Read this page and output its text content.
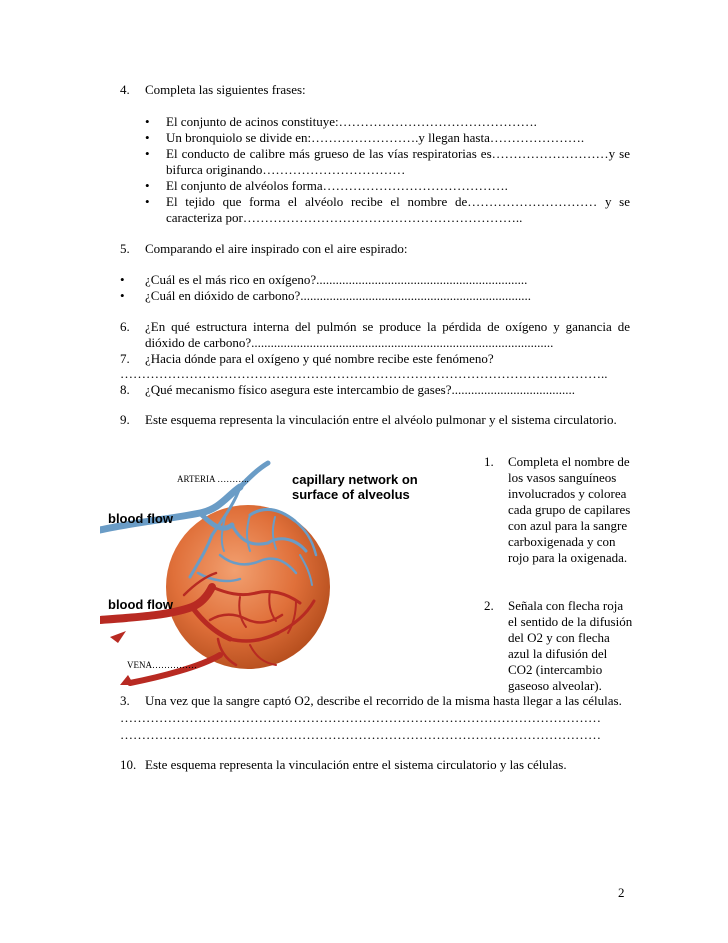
4.	Completa las siguientes frases:
• El conjunto de acinos constituye:……………………………………….
• Un bronquiolo se divide en:…………………….y llegan hasta………………….
• El conducto de calibre más grueso de las vías respiratorias es………………………y se bifurca originando……………………………
• El conjunto de alvéolos forma…………………………………….
• El tejido que forma el alvéolo recibe el nombre de………………………… y se caracteriza por………………………………………………………..
5.	Comparando el aire inspirado con el aire espirado:
•	¿Cuál es el más rico en oxígeno?.................................................................
•	¿Cuál en dióxido de carbono?.......................................................................
6.	¿En qué estructura interna del pulmón se produce la pérdida de oxígeno y ganancia de dióxido de carbono?.............................................................................................
7.	¿Hacia dónde para el oxígeno y qué nombre recibe este fenómeno?
…………………………………………………………………………………………………..
8.	¿Qué mecanismo físico asegura este intercambio de gases?......................................
9.	Este esquema representa la vinculación entre el alvéolo pulmonar y el sistema circulatorio.
ARTERIA ………..	capillary network on
surface of alveolus
blood flow
blood flow
VENA……………
1.	Completa el nombre de los vasos sanguíneos involucrados y colorea cada grupo de capilares con azul para la sangre carboxigenada y con rojo para la oxigenada.
2.	Señala con flecha roja el sentido de la difusión del O2 y con flecha azul la difusión del CO2 (intercambio gaseoso alveolar).
3.	Una vez que la sangre captó O2, describe el recorrido de la misma hasta llegar a las células.
…………………………………………………………………………………………………
…………………………………………………………………………………………………
10. Este esquema representa la vinculación entre el sistema circulatorio y las células.
2
